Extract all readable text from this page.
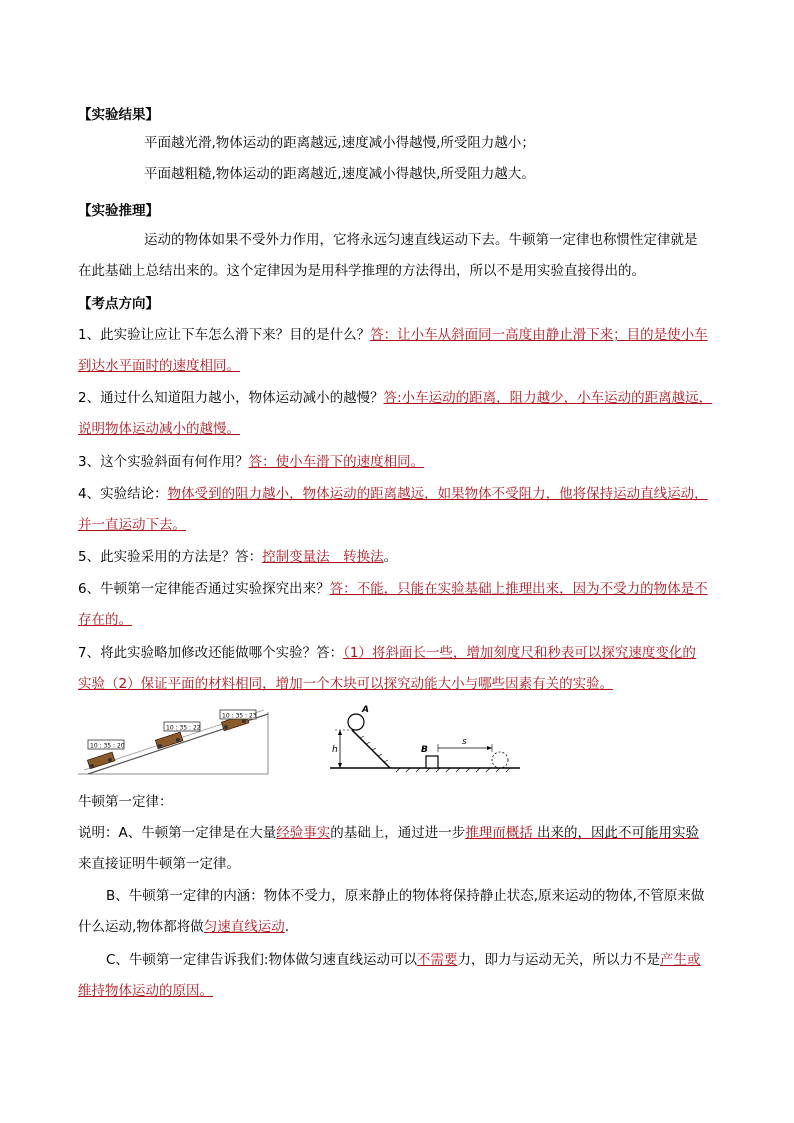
【实验结果】
平面越光滑,物体运动的距离越远,速度减小得越慢,所受阻力越小；
平面越粗糙,物体运动的距离越近,速度减小得越快,所受阻力越大。
【实验推理】
运动的物体如果不受外力作用，它将永远匀速直线运动下去。牛顿第一定律也称惯性定律就是
在此基础上总结出来的。这个定律因为是用科学推理的方法得出，所以不是用实验直接得出的。
【考点方向】
1、此实验让应让下车怎么滑下来？目的是什么？答：让小车从斜面同一高度由静止滑下来；目的是使小车
到达水平面时的速度相同。
2、通过什么知道阻力越小，物体运动减小的越慢？答:小车运动的距离，阻力越少，小车运动的距离越远，
说明物体运动减小的越慢。
3、这个实验斜面有何作用？答：使小车滑下的速度相同。
4、实验结论：物体受到的阻力越小，物体运动的距离越远，如果物体不受阻力，他将保持运动直线运动，
并一直运动下去。
5、此实验采用的方法是？答：控制变量法　转换法。
6、牛顿第一定律能否通过实验探究出来？答：不能，只能在实验基础上推理出来，因为不受力的物体是不
存在的。
7、将此实验略加修改还能做哪个实验？答：（1）将斜面长一些，增加刻度尺和秒表可以探究速度变化的
实验（2）保证平面的材料相同，增加一个木块可以探究动能大小与哪些因素有关的实验。
10 : 35 : 20
10 : 35 : 22
10 : 35 : 23
A
h	B
s
牛顿第一定律：
说明：A、牛顿第一定律是在大量经验事实的基础上，通过进一步推理而概括 出来的，因此不可能用实验
来直接证明牛顿第一定律。
B、牛顿第一定律的内涵：物体不受力，原来静止的物体将保持静止状态,原来运动的物体,不管原来做
什么运动,物体都将做匀速直线运动.
C、牛顿第一定律告诉我们:物体做匀速直线运动可以不需要力，即力与运动无关，所以力不是产生或
维持物体运动的原因。
